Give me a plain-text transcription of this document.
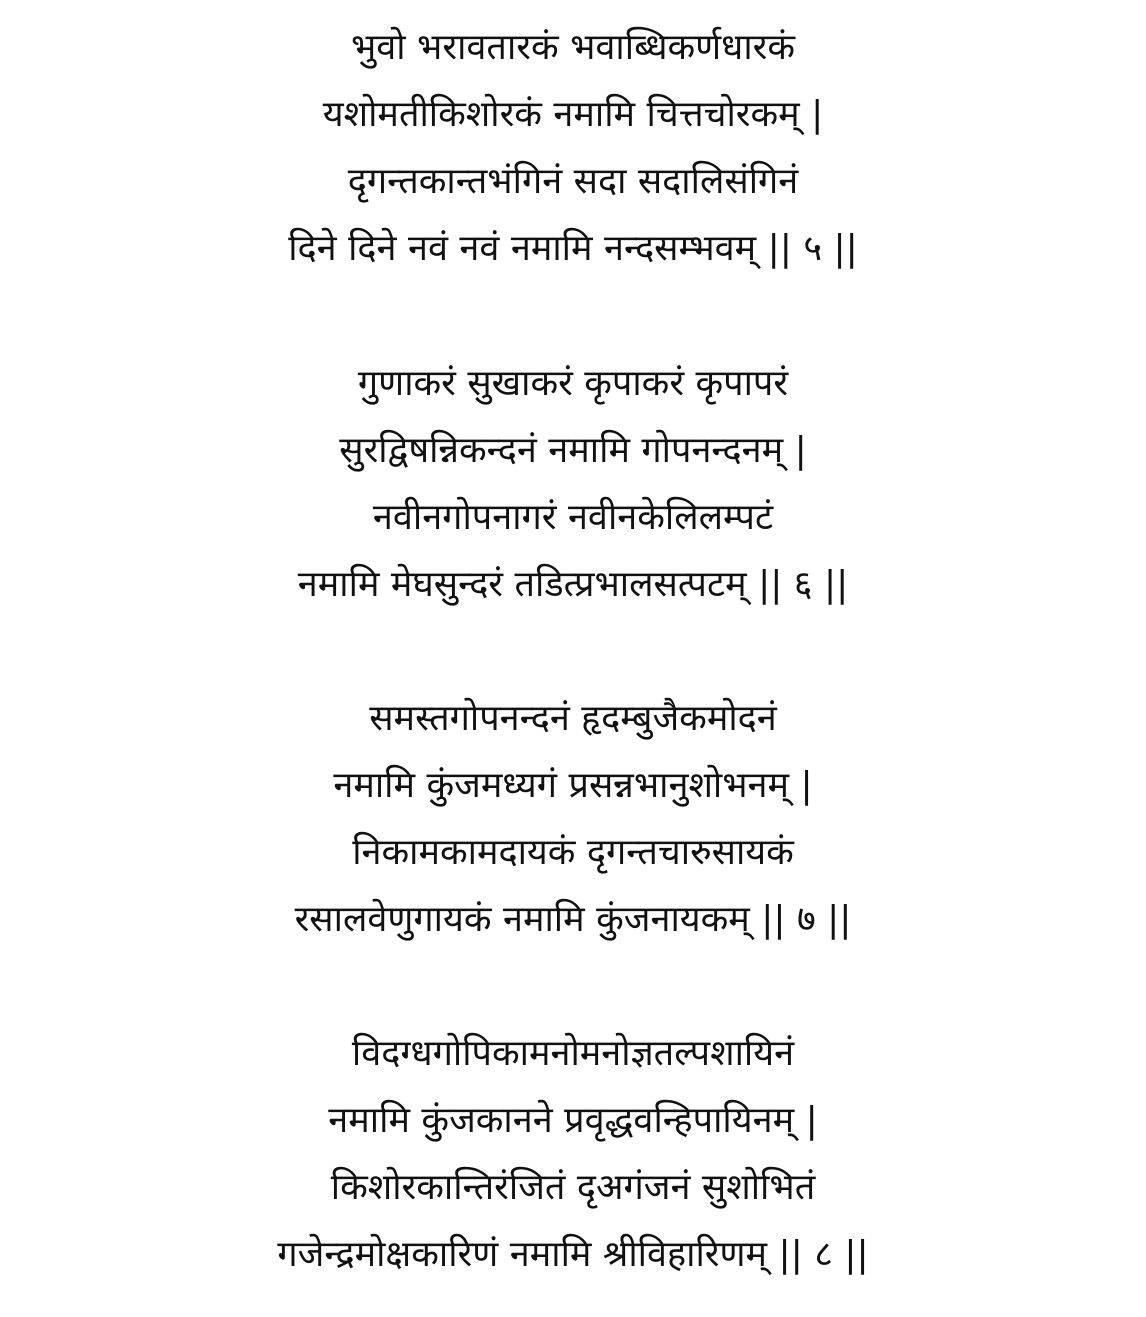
भुवो भरावतारकं भवाब्धिकर्णधारकं
यशोमतीकिशोरकं नमामि चित्तचोरकम् |
दृगन्तकान्तभंगिनं सदा सदालिसंगिनं
दिने दिने नवं नवं नमामि नन्दसम्भवम् || ५ ||
गुणाकरं सुखाकरं कृपाकरं कृपापरं
सुरद्विषन्निकन्दनं नमामि गोपनन्दनम् |
नवीनगोपनागरं नवीनकेलिलम्पटं
नमामि मेघसुन्दरं तडित्प्रभालसत्पटम् || ६ ||
समस्तगोपनन्दनं हृदम्बुजैकमोदनं
नमामि कुंजमध्यगं प्रसन्नभानुशोभनम् |
निकामकामदायकं दृगन्तचारुसायकं
रसालवेणुगायकं नमामि कुंजनायकम् || ७ ||
विदग्धगोपिकामनोमनोज्ञतल्पशायिनं
नमामि कुंजकानने प्रवृद्धवन्हिपायिनम् |
किशोरकान्तिरंजितं दृअगंजनं सुशोभितं
गजेन्द्रमोक्षकारिणं नमामि श्रीविहारिणम् || ८ ||
